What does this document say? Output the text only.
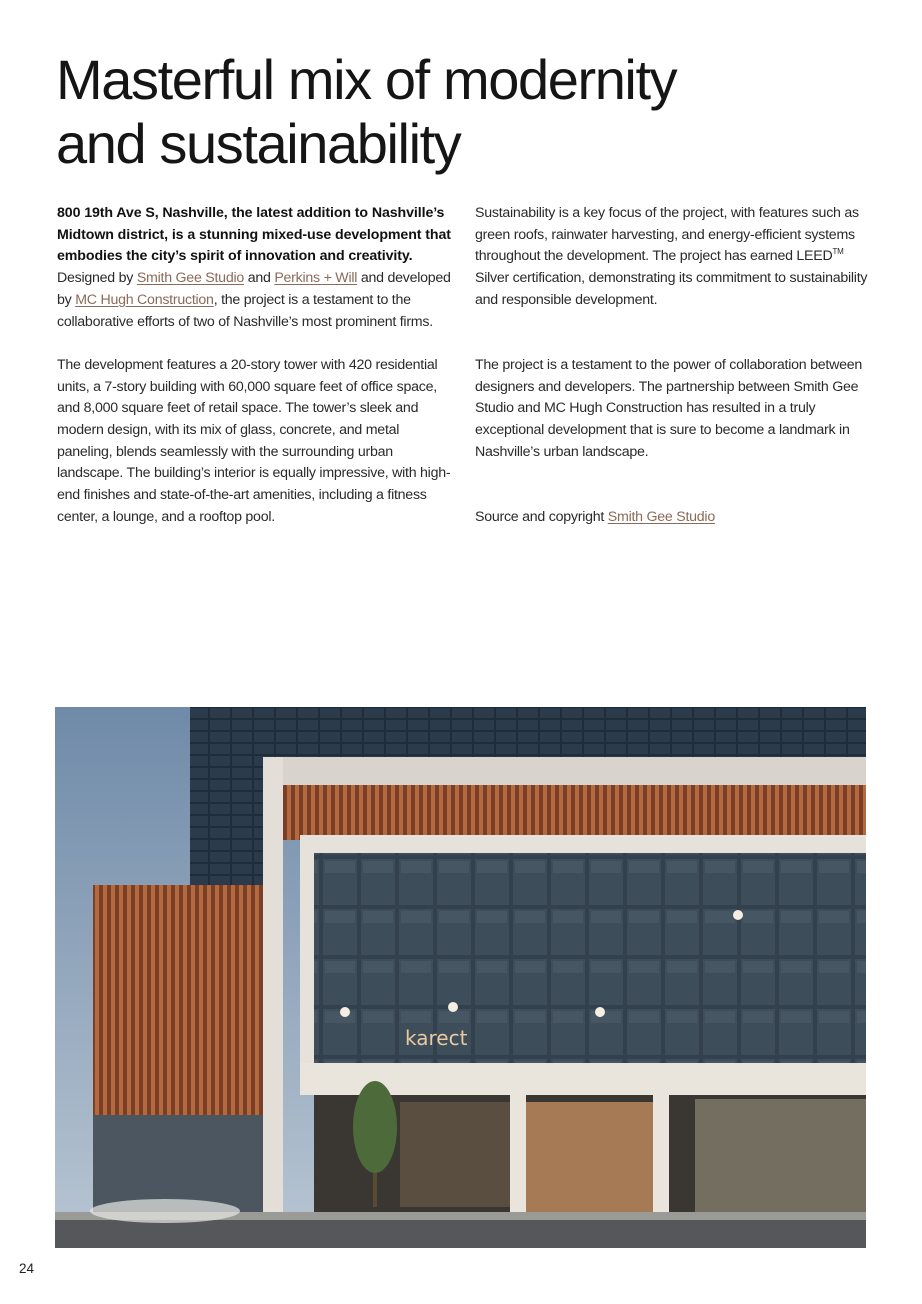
Masterful mix of modernity
and sustainability

800 19th Ave S, Nashville, the latest addition to Nashville’s Midtown district, is a stunning mixed-use development that embodies the city’s spirit of innovation and creativity. Designed by Smith Gee Studio and Perkins + Will and developed by MC Hugh Construction, the project is a testament to the collaborative efforts of two of Nashville’s most prominent firms.

The development features a 20-story tower with 420 residential units, a 7-story building with 60,000 square feet of office space, and 8,000 square feet of retail space. The tower’s sleek and modern design, with its mix of glass, concrete, and metal paneling, blends seamlessly with the surrounding urban landscape. The building’s interior is equally impressive, with high-end finishes and state-of-the-art amenities, including a fitness center, a lounge, and a rooftop pool.

Sustainability is a key focus of the project, with features such as green roofs, rainwater harvesting, and energy-efficient systems throughout the development. The project has earned LEED™ Silver certification, demonstrating its commitment to sustainability and responsible development.

The project is a testament to the power of collaboration between designers and developers. The partnership between Smith Gee Studio and MC Hugh Construction has resulted in a truly exceptional development that is sure to become a landmark in Nashville’s urban landscape.

Source and copyright Smith Gee Studio

karect
24
